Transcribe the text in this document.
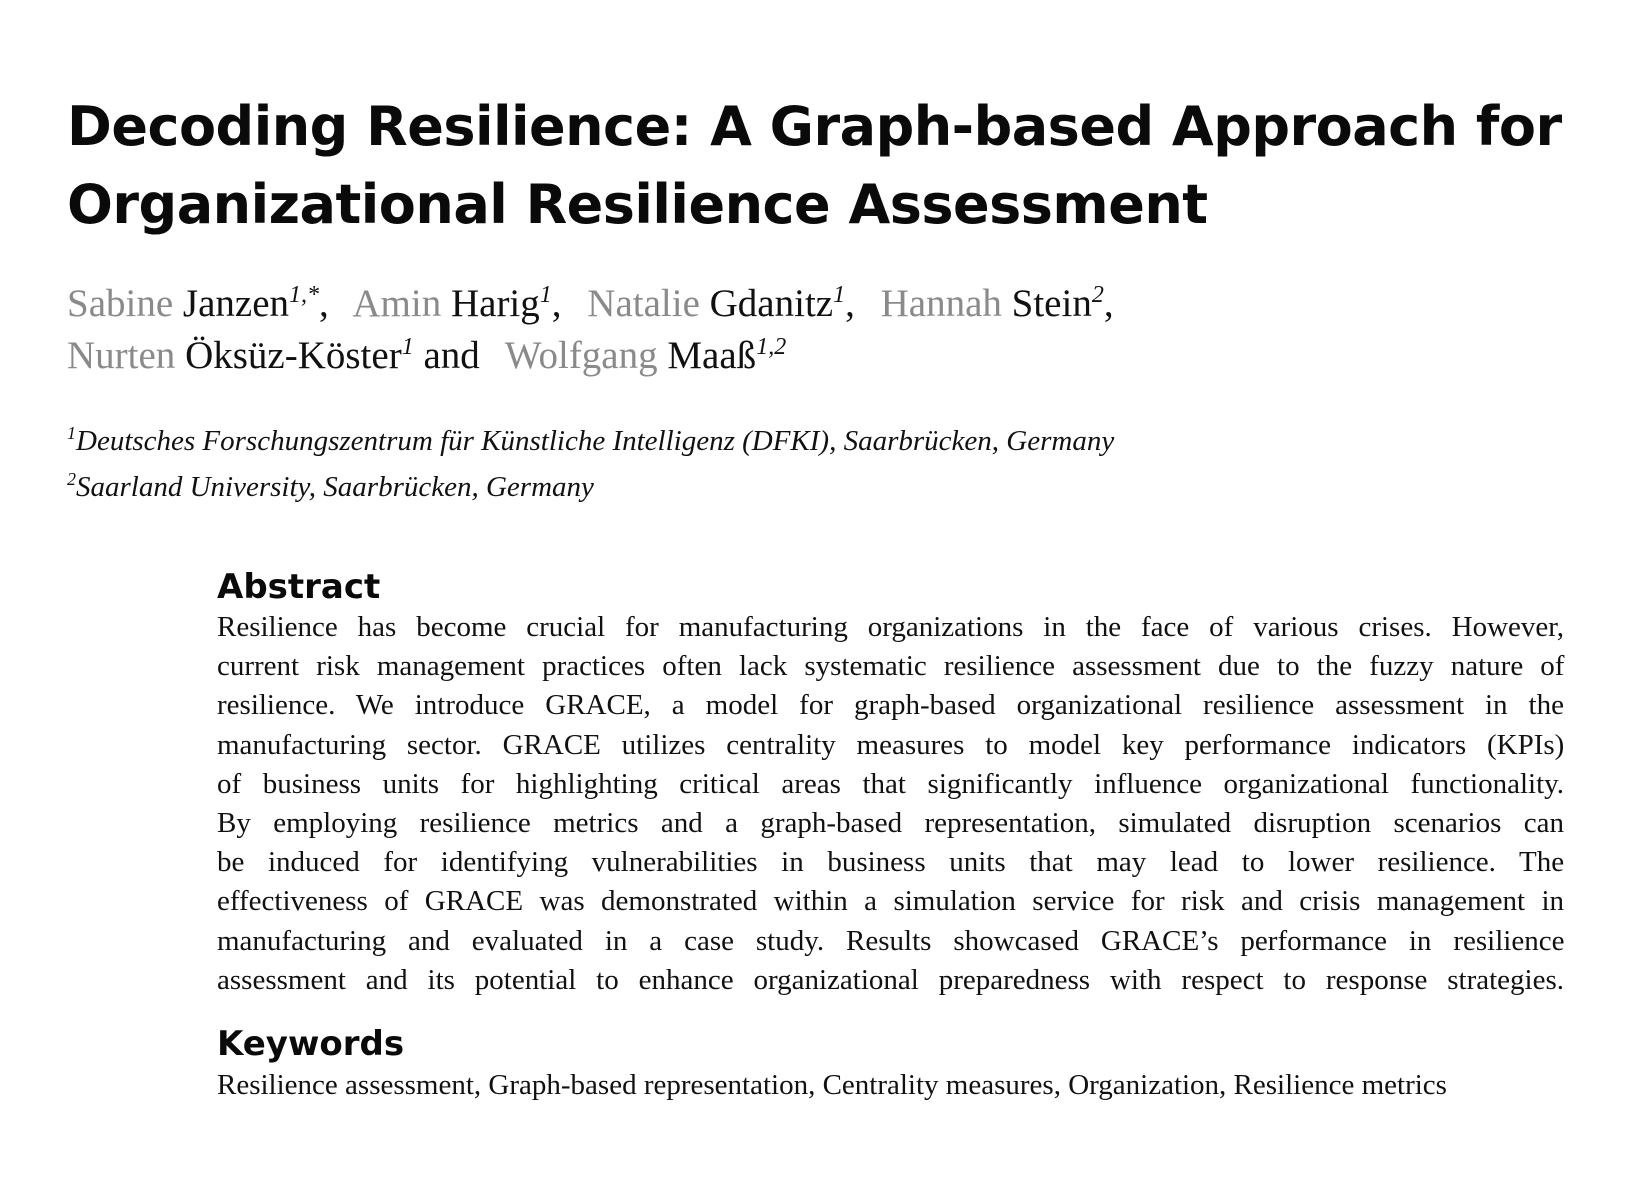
Decoding Resilience: A Graph-based Approach for
Organizational Resilience Assessment
Sabine Janzen$^{1,*}$, Amin Harig$^1$, Natalie Gdanitz$^1$, Hannah Stein$^2$,
Nurten Öksüz-Köster$^1$ and Wolfgang Maaß$^{1,2}$
$^1$Deutsches Forschungszentrum für Künstliche Intelligenz (DFKI), Saarbrücken, Germany
$^2$Saarland University, Saarbrücken, Germany
Abstract

Resilience has become crucial for manufacturing organizations in the face of various crises. However,
current risk management practices often lack systematic resilience assessment due to the fuzzy nature of
resilience. We introduce GRACE, a model for graph-based organizational resilience assessment in the
manufacturing sector. GRACE utilizes centrality measures to model key performance indicators (KPIs)
of business units for highlighting critical areas that significantly influence organizational functionality.
By employing resilience metrics and a graph-based representation, simulated disruption scenarios can
be induced for identifying vulnerabilities in business units that may lead to lower resilience. The
effectiveness of GRACE was demonstrated within a simulation service for risk and crisis management in
manufacturing and evaluated in a case study. Results showcased GRACE’s performance in resilience
assessment and its potential to enhance organizational preparedness with respect to response strategies.

Keywords

Resilience assessment, Graph-based representation, Centrality measures, Organization, Resilience metrics
